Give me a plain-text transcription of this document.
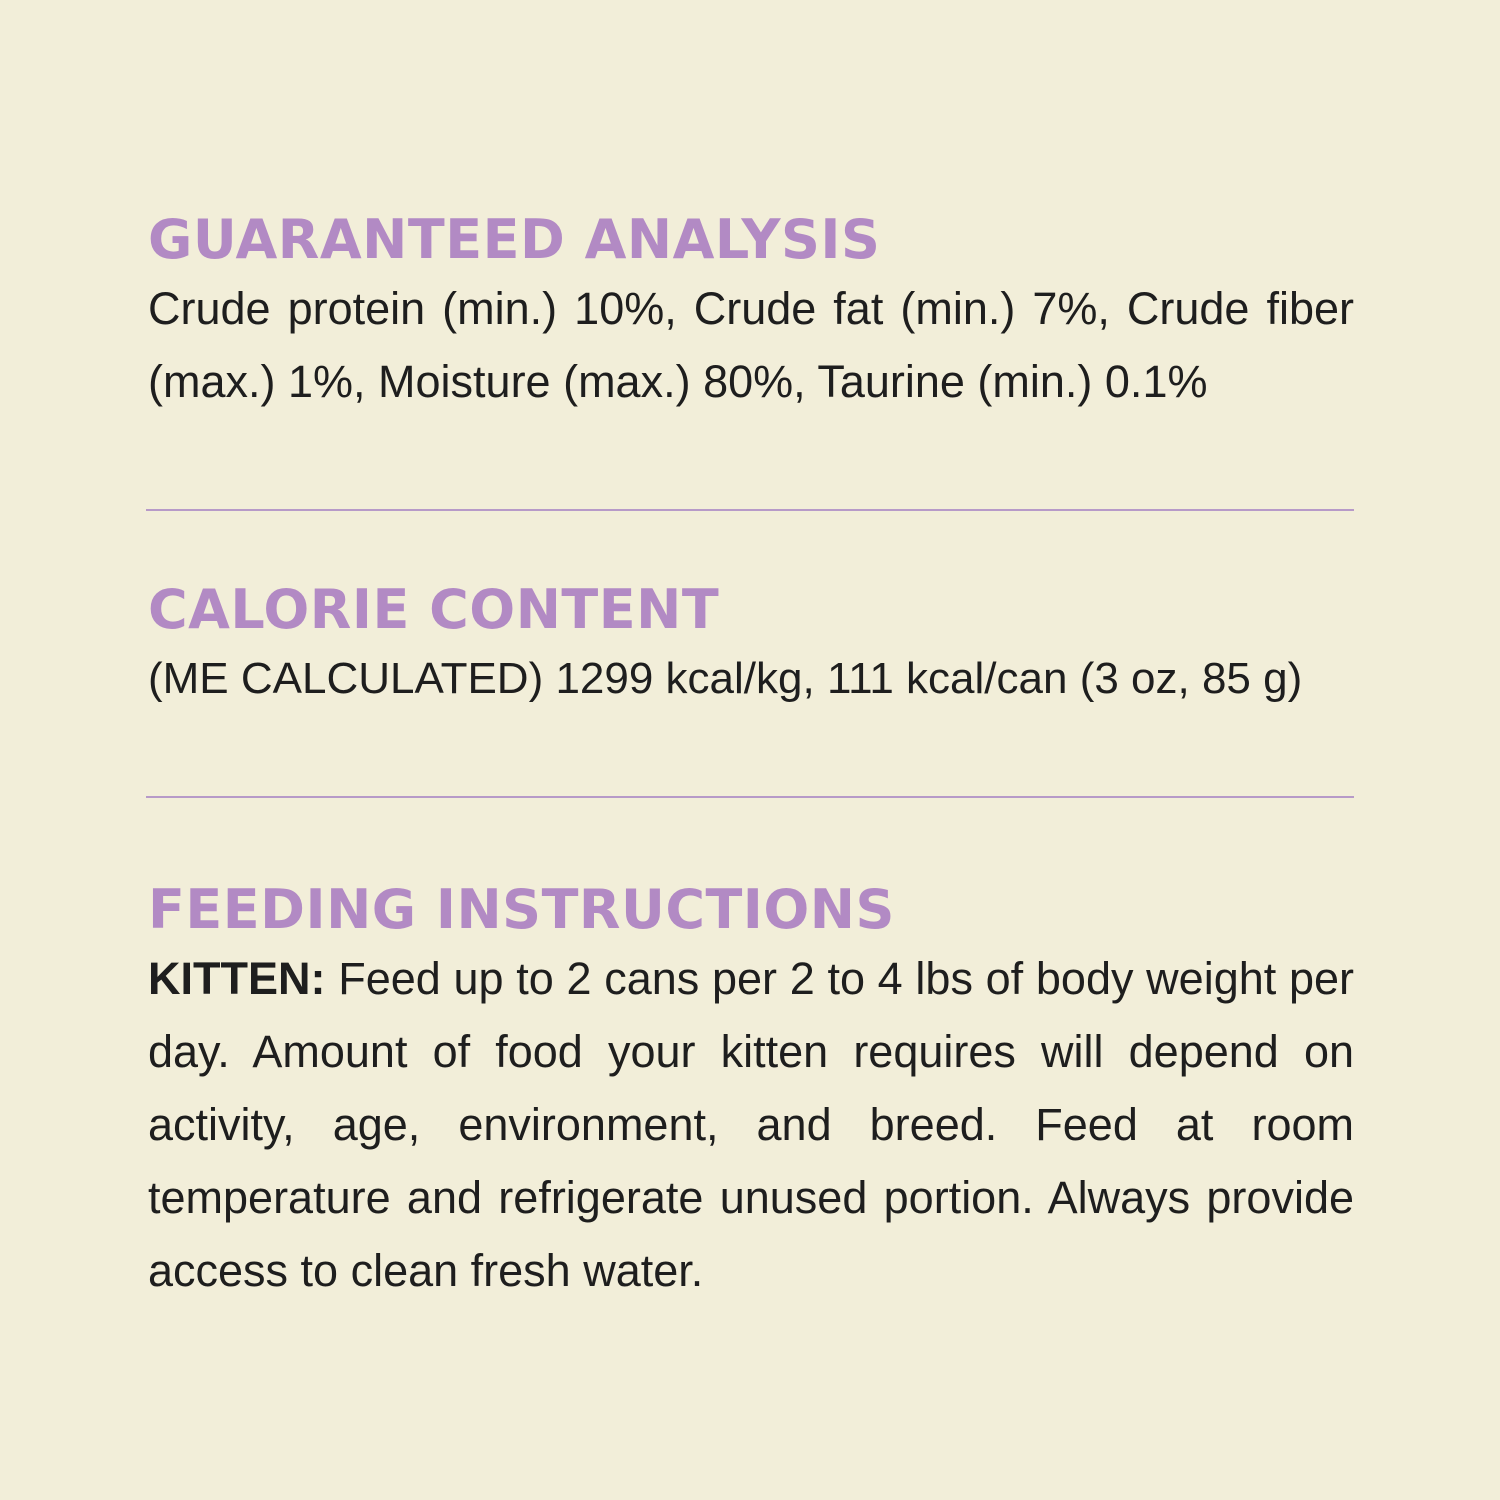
GUARANTEED ANALYSIS

Crude protein (min.) 10%, Crude fat (min.) 7%, Crude fiber (max.) 1%, Moisture (max.) 80%, Taurine (min.) 0.1%

CALORIE CONTENT

(ME CALCULATED) 1299 kcal/kg, 111 kcal/can (3 oz, 85 g)

FEEDING INSTRUCTIONS

KITTEN: Feed up to 2 cans per 2 to 4 lbs of body weight per day. Amount of food your kitten requires will depend on activity, age, environment, and breed. Feed at room temperature and refrigerate unused portion. Always provide access to clean fresh water.
